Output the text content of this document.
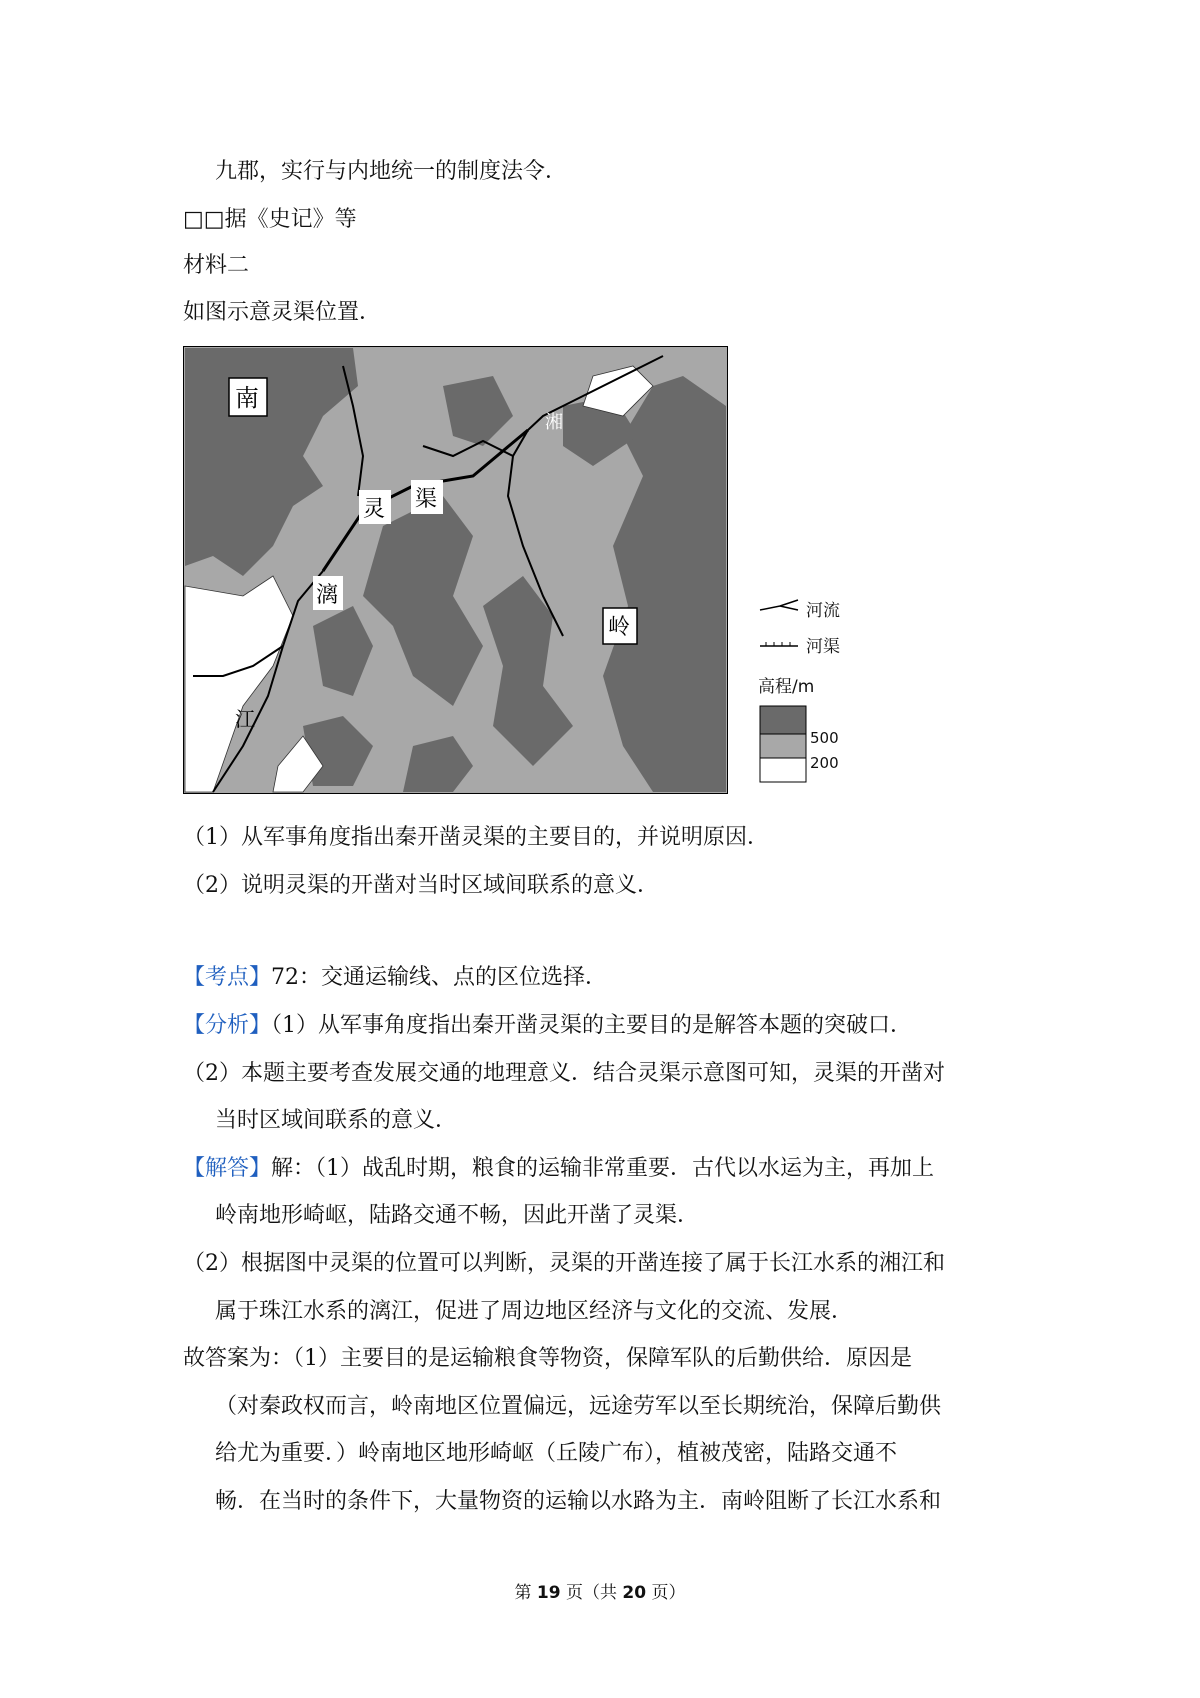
九郡，实行与内地统一的制度法令．
□□据《史记》等
材料二
如图示意灵渠位置．
南
灵 渠
漓
岭
江
湘
河流
河渠
高程/m
500
200
（1）从军事角度指出秦开凿灵渠的主要目的，并说明原因．
（2）说明灵渠的开凿对当时区域间联系的意义．
【考点】72：交通运输线、点的区位选择．
【分析】（1）从军事角度指出秦开凿灵渠的主要目的是解答本题的突破口．
（2）本题主要考查发展交通的地理意义．结合灵渠示意图可知，灵渠的开凿对
当时区域间联系的意义．
【解答】解：（1）战乱时期，粮食的运输非常重要．古代以水运为主，再加上
岭南地形崎岖，陆路交通不畅，因此开凿了灵渠．
（2）根据图中灵渠的位置可以判断，灵渠的开凿连接了属于长江水系的湘江和
属于珠江水系的漓江，促进了周边地区经济与文化的交流、发展．
故答案为：（1）主要目的是运输粮食等物资，保障军队的后勤供给．原因是
（对秦政权而言，岭南地区位置偏远，远途劳军以至长期统治，保障后勤供
给尤为重要．）岭南地区地形崎岖（丘陵广布），植被茂密，陆路交通不
畅．在当时的条件下，大量物资的运输以水路为主．南岭阻断了长江水系和
第 19 页（共 20 页）
